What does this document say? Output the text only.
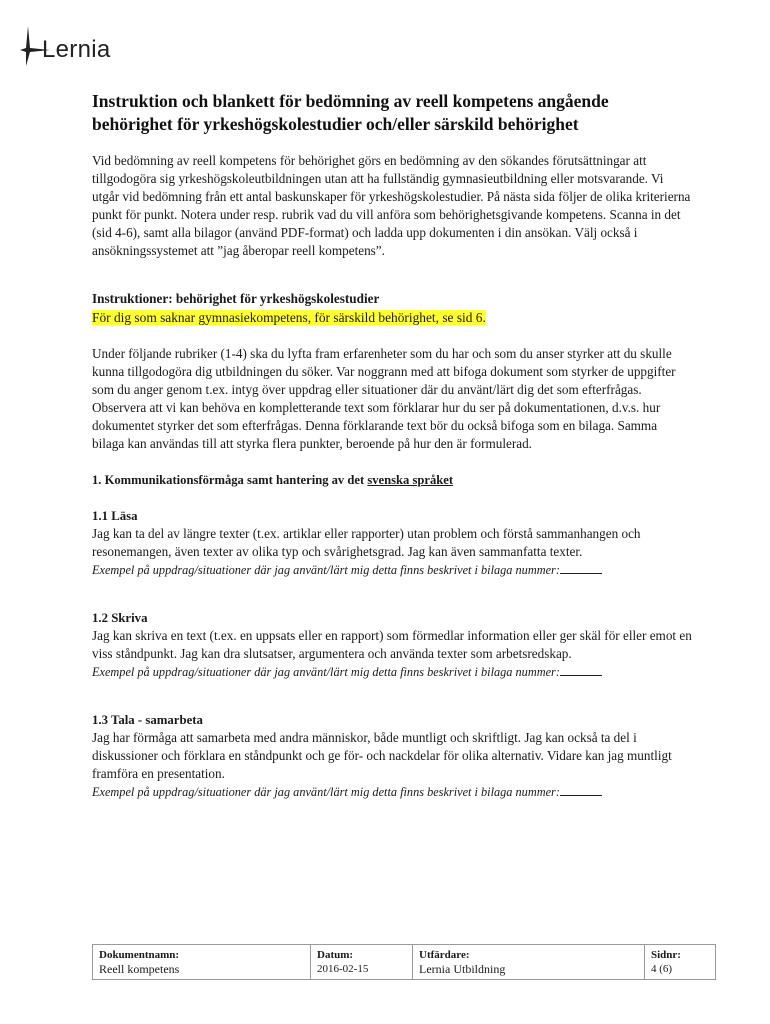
Lernia
Instruktion och blankett för bedömning av reell kompetens angående behörighet för yrkeshögskolestudier och/eller särskild behörighet

Vid bedömning av reell kompetens för behörighet görs en bedömning av den sökandes förutsättningar att tillgodogöra sig yrkeshögskoleutbildningen utan att ha fullständig gymnasieutbildning eller motsvarande. Vi utgår vid bedömning från ett antal baskunskaper för yrkeshögskolestudier. På nästa sida följer de olika kriterierna punkt för punkt. Notera under resp. rubrik vad du vill anföra som behörighetsgivande kompetens. Scanna in det (sid 4-6), samt alla bilagor (använd PDF-format) och ladda upp dokumenten i din ansökan. Välj också i ansökningssystemet att ”jag åberopar reell kompetens”.

Instruktioner: behörighet för yrkeshögskolestudier

För dig som saknar gymnasiekompetens, för särskild behörighet, se sid 6.

Under följande rubriker (1-4) ska du lyfta fram erfarenheter som du har och som du anser styrker att du skulle kunna tillgodogöra dig utbildningen du söker. Var noggrann med att bifoga dokument som styrker de uppgifter som du anger genom t.ex. intyg över uppdrag eller situationer där du använt/lärt dig det som efterfrågas. Observera att vi kan behöva en kompletterande text som förklarar hur du ser på dokumentationen, d.v.s. hur dokumentet styrker det som efterfrågas. Denna förklarande text bör du också bifoga som en bilaga. Samma bilaga kan användas till att styrka flera punkter, beroende på hur den är formulerad.

1. Kommunikationsförmåga samt hantering av det svenska språket

1.1 Läsa

Jag kan ta del av längre texter (t.ex. artiklar eller rapporter) utan problem och förstå sammanhangen och resonemangen, även texter av olika typ och svårighetsgrad. Jag kan även sammanfatta texter.

Exempel på uppdrag/situationer där jag använt/lärt mig detta finns beskrivet i bilaga nummer:

1.2 Skriva

Jag kan skriva en text (t.ex. en uppsats eller en rapport) som förmedlar information eller ger skäl för eller emot en viss ståndpunkt. Jag kan dra slutsatser, argumentera och använda texter som arbetsredskap.

Exempel på uppdrag/situationer där jag använt/lärt mig detta finns beskrivet i bilaga nummer:

1.3 Tala - samarbeta

Jag har förmåga att samarbeta med andra människor, både muntligt och skriftligt. Jag kan också ta del i diskussioner och förklara en ståndpunkt och ge för- och nackdelar för olika alternativ. Vidare kan jag muntligt framföra en presentation.

Exempel på uppdrag/situationer där jag använt/lärt mig detta finns beskrivet i bilaga nummer:

Dokumentnamn:
Reell kompetens
Datum:
2016-02-15
Utfärdare:
Lernia Utbildning
Sidnr:
4 (6)
